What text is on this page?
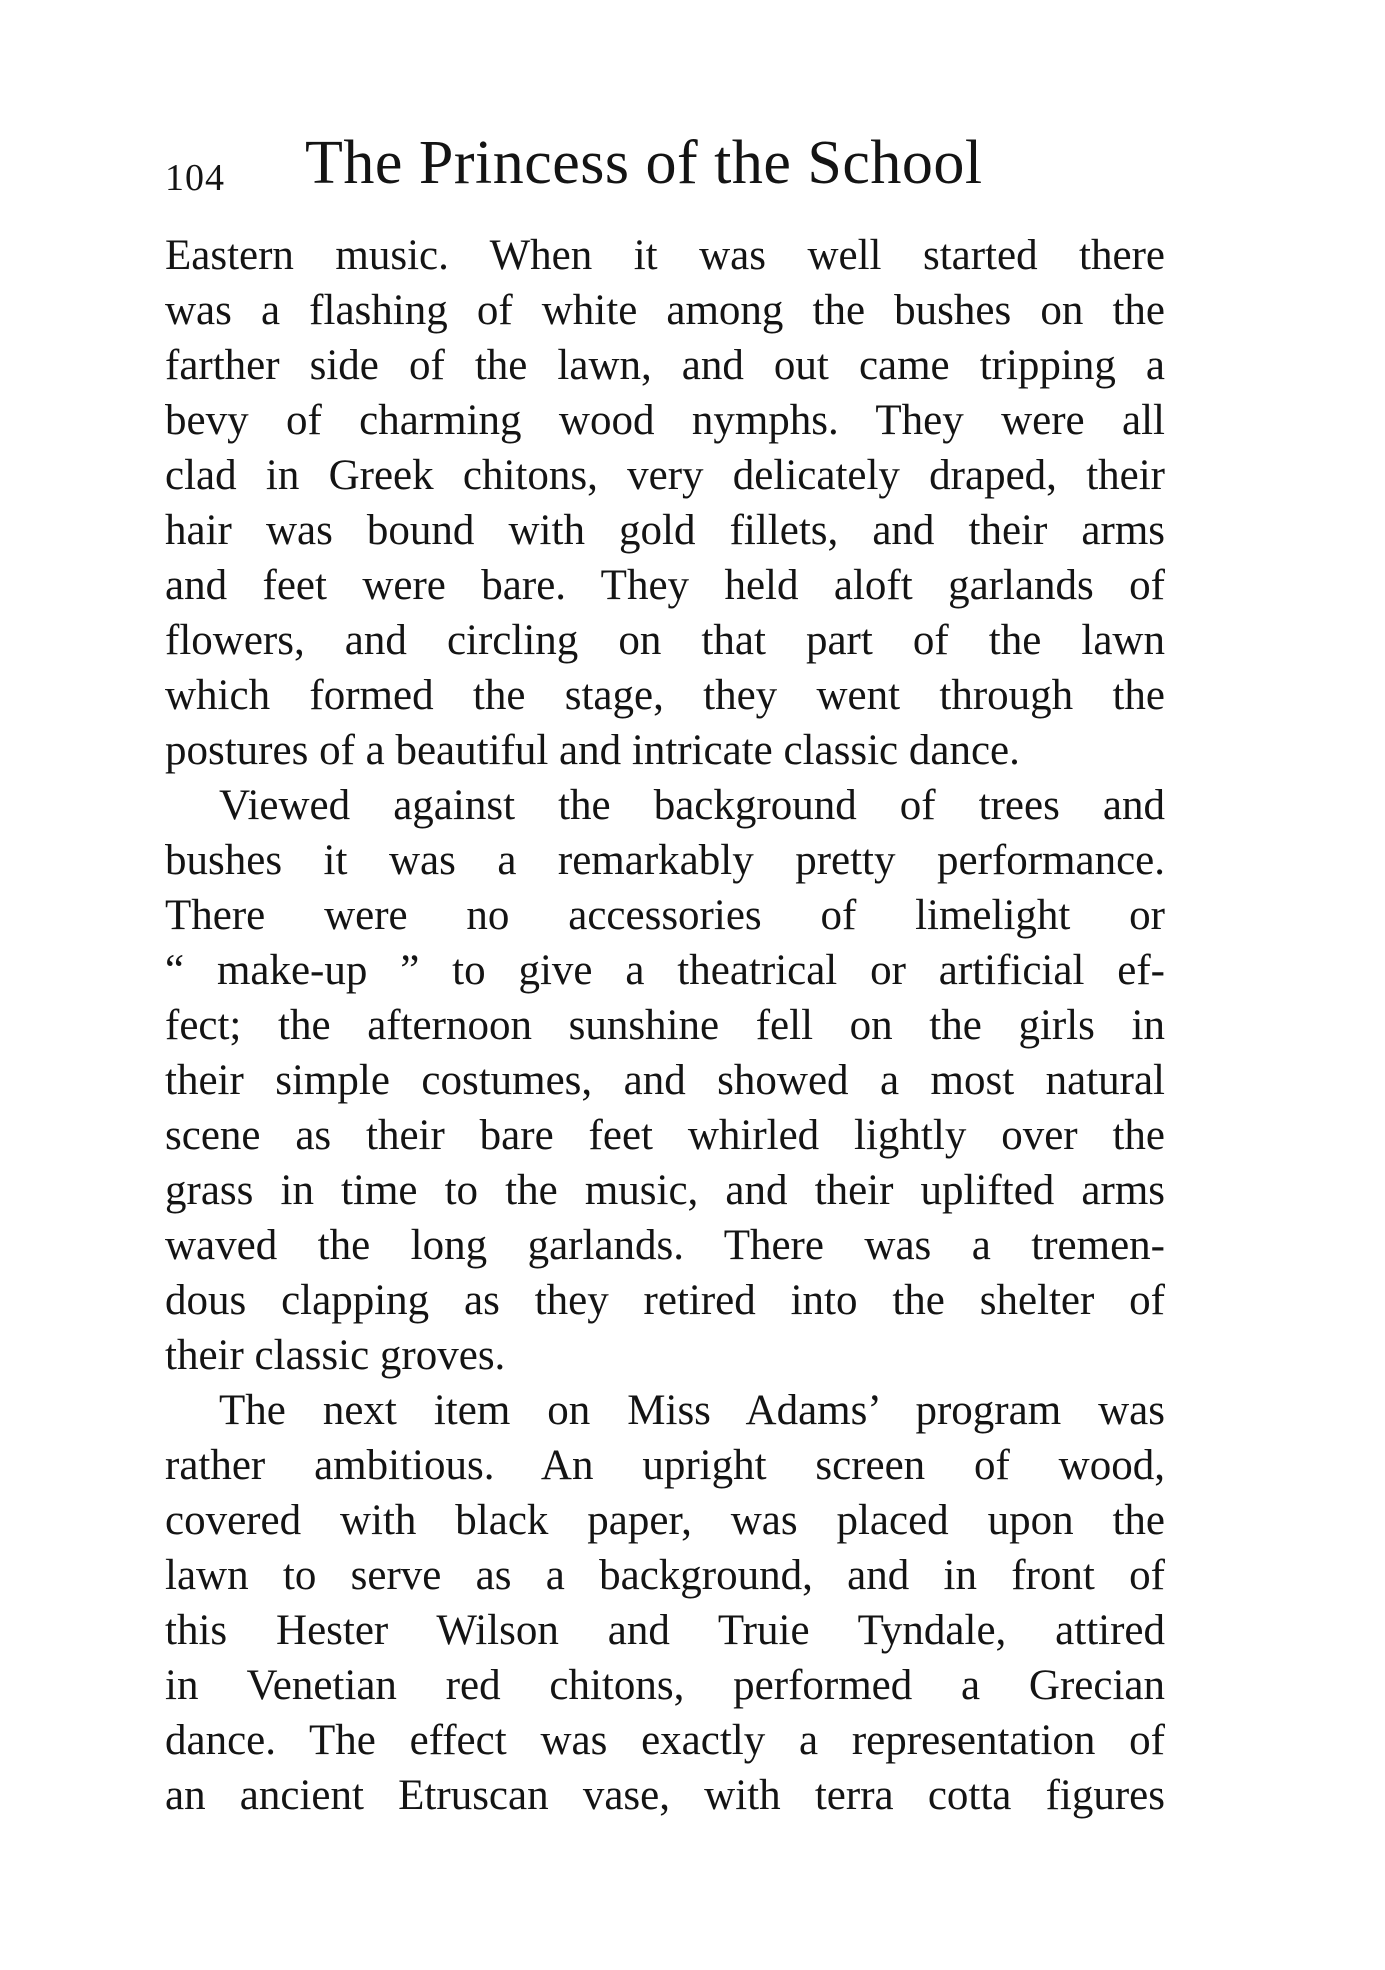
104 The Princess of the School
Eastern music. When it was well started there
was a flashing of white among the bushes on the
farther side of the lawn, and out came tripping a
bevy of charming wood nymphs. They were all
clad in Greek chitons, very delicately draped, their
hair was bound with gold fillets, and their arms
and feet were bare. They held aloft garlands of
flowers, and circling on that part of the lawn
which formed the stage, they went through the
postures of a beautiful and intricate classic dance.
Viewed against the background of trees and
bushes it was a remarkably pretty performance.
There were no accessories of limelight or
“ make-up ” to give a theatrical or artificial ef-
fect; the afternoon sunshine fell on the girls in
their simple costumes, and showed a most natural
scene as their bare feet whirled lightly over the
grass in time to the music, and their uplifted arms
waved the long garlands. There was a tremen-
dous clapping as they retired into the shelter of
their classic groves.
The next item on Miss Adams’ program was
rather ambitious. An upright screen of wood,
covered with black paper, was placed upon the
lawn to serve as a background, and in front of
this Hester Wilson and Truie Tyndale, attired
in Venetian red chitons, performed a Grecian
dance. The effect was exactly a representation of
an ancient Etruscan vase, with terra cotta figures
